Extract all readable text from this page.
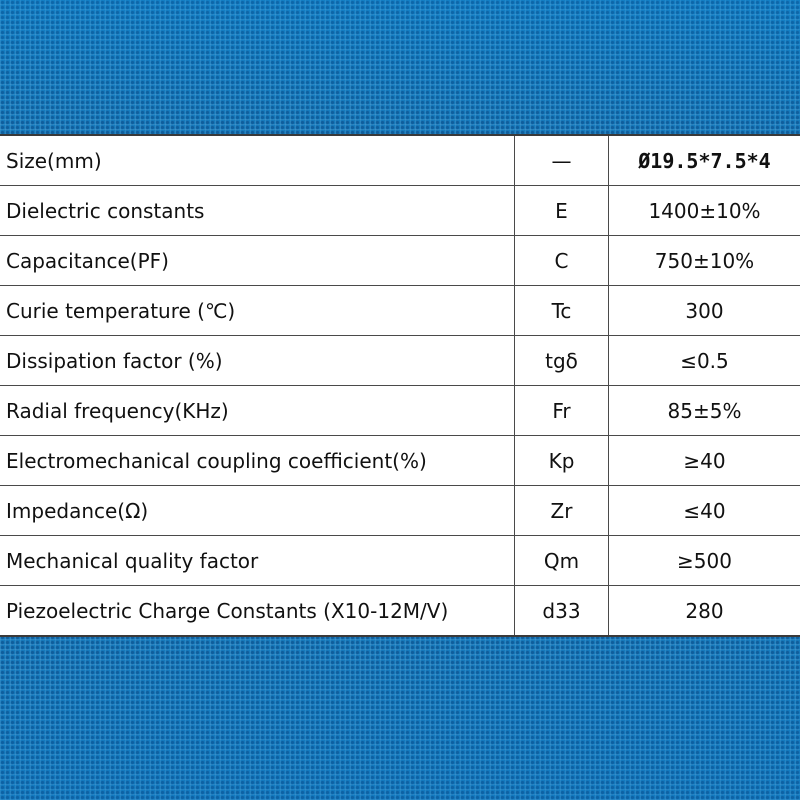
Size(mm)	—	Ø19.5*7.5*4
Dielectric constants	E	1400±10%
Capacitance(PF)	C	750±10%
Curie temperature (℃)	Tc	300
Dissipation factor (%)	tgδ	≤0.5
Radial frequency(KHz)	Fr	85±5%
Electromechanical coupling coefficient(%)	Kp	≥40
Impedance(Ω)	Zr	≤40
Mechanical quality factor	Qm	≥500
Piezoelectric Charge Constants (X10-12M/V)	d33	280
